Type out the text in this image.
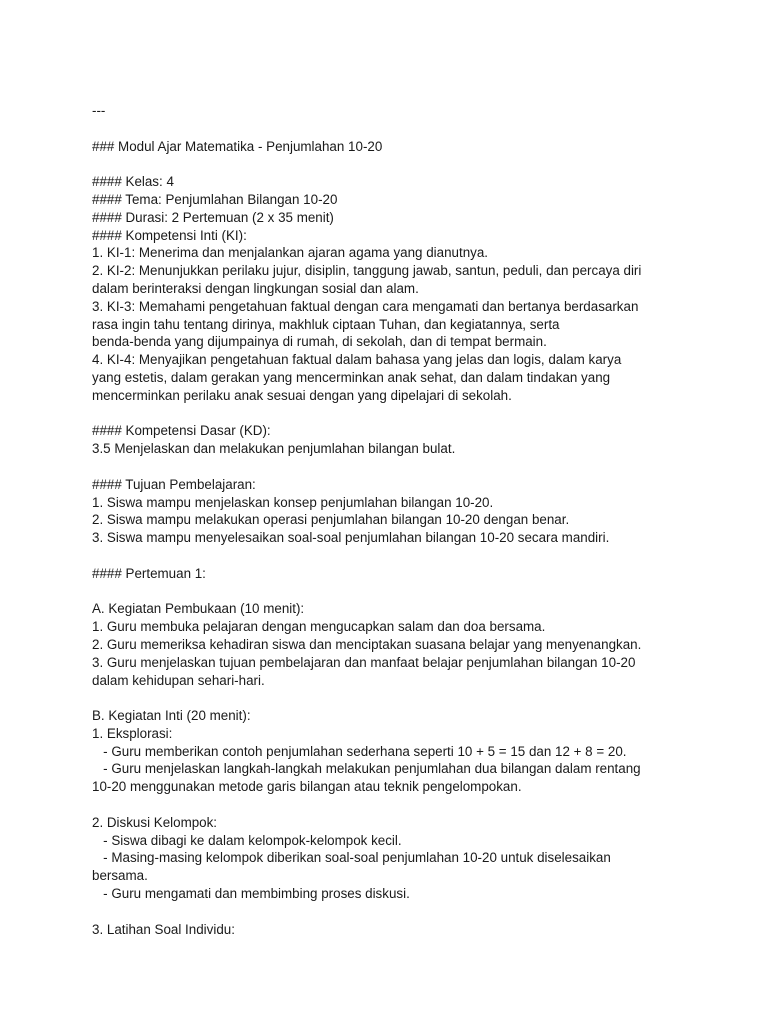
---
### Modul Ajar Matematika - Penjumlahan 10-20
#### Kelas: 4
#### Tema: Penjumlahan Bilangan 10-20
#### Durasi: 2 Pertemuan (2 x 35 menit)
#### Kompetensi Inti (KI):
1. KI-1: Menerima dan menjalankan ajaran agama yang dianutnya.
2. KI-2: Menunjukkan perilaku jujur, disiplin, tanggung jawab, santun, peduli, dan percaya diri
dalam berinteraksi dengan lingkungan sosial dan alam.
3. KI-3: Memahami pengetahuan faktual dengan cara mengamati dan bertanya berdasarkan
rasa ingin tahu tentang dirinya, makhluk ciptaan Tuhan, dan kegiatannya, serta
benda-benda yang dijumpainya di rumah, di sekolah, dan di tempat bermain.
4. KI-4: Menyajikan pengetahuan faktual dalam bahasa yang jelas dan logis, dalam karya
yang estetis, dalam gerakan yang mencerminkan anak sehat, dan dalam tindakan yang
mencerminkan perilaku anak sesuai dengan yang dipelajari di sekolah.
#### Kompetensi Dasar (KD):
3.5 Menjelaskan dan melakukan penjumlahan bilangan bulat.
#### Tujuan Pembelajaran:
1. Siswa mampu menjelaskan konsep penjumlahan bilangan 10-20.
2. Siswa mampu melakukan operasi penjumlahan bilangan 10-20 dengan benar.
3. Siswa mampu menyelesaikan soal-soal penjumlahan bilangan 10-20 secara mandiri.
#### Pertemuan 1:
A. Kegiatan Pembukaan (10 menit):
1. Guru membuka pelajaran dengan mengucapkan salam dan doa bersama.
2. Guru memeriksa kehadiran siswa dan menciptakan suasana belajar yang menyenangkan.
3. Guru menjelaskan tujuan pembelajaran dan manfaat belajar penjumlahan bilangan 10-20
dalam kehidupan sehari-hari.
B. Kegiatan Inti (20 menit):
1. Eksplorasi:
- Guru memberikan contoh penjumlahan sederhana seperti 10 + 5 = 15 dan 12 + 8 = 20.
- Guru menjelaskan langkah-langkah melakukan penjumlahan dua bilangan dalam rentang
10-20 menggunakan metode garis bilangan atau teknik pengelompokan.
2. Diskusi Kelompok:
- Siswa dibagi ke dalam kelompok-kelompok kecil.
- Masing-masing kelompok diberikan soal-soal penjumlahan 10-20 untuk diselesaikan
bersama.
- Guru mengamati dan membimbing proses diskusi.
3. Latihan Soal Individu:
